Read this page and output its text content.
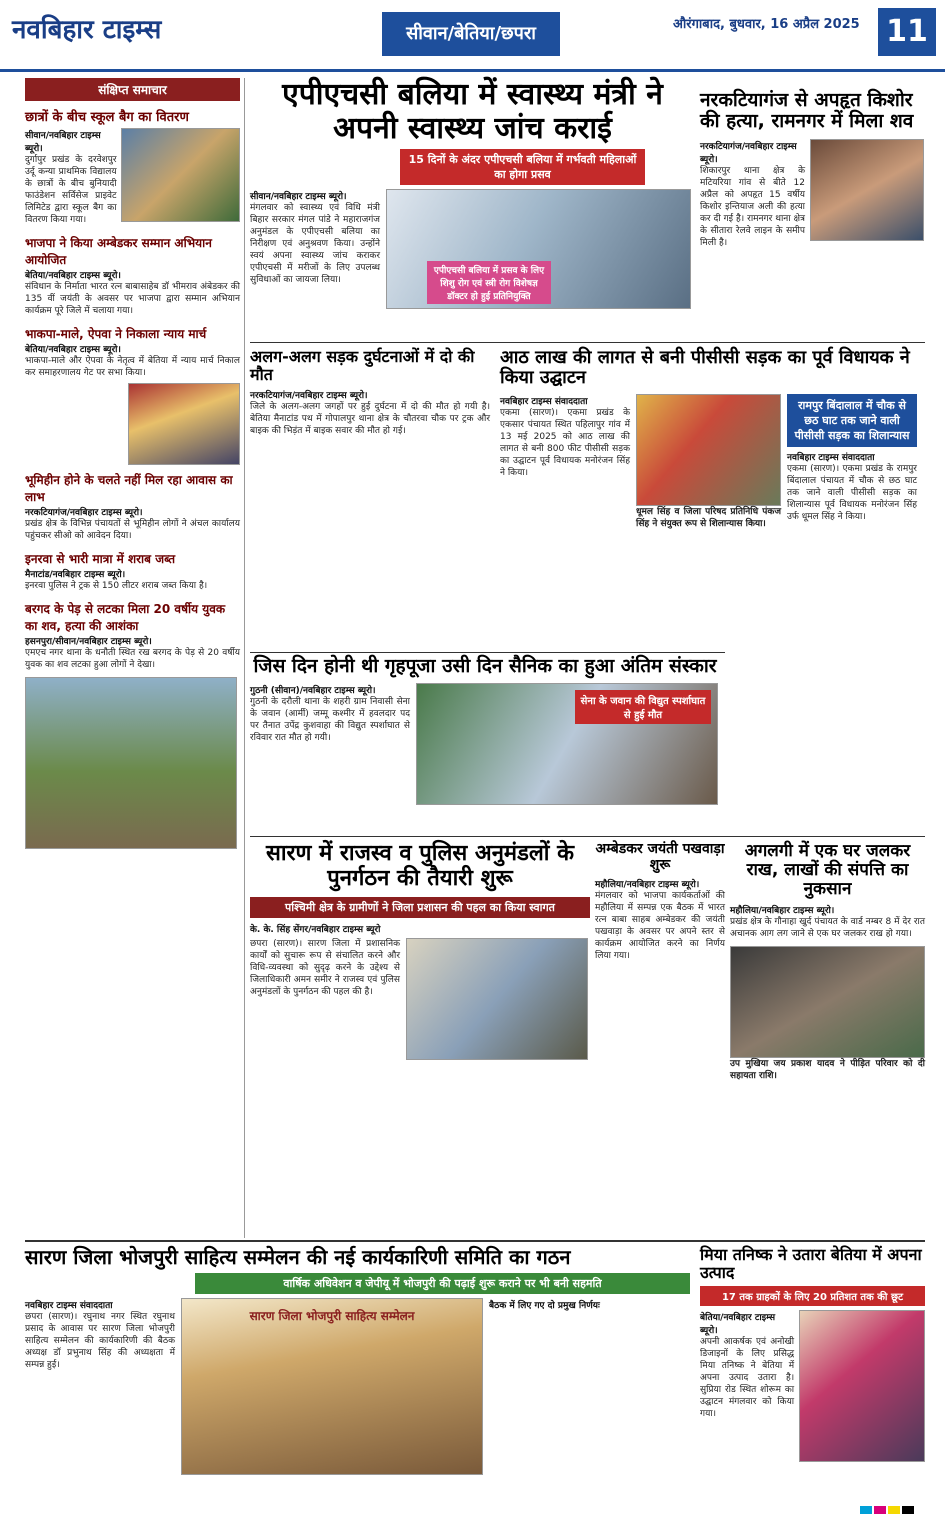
नवबिहार टाइम्स	सीवान/बेतिया/छपरा	औरंगाबाद, बुधवार, 16 अप्रैल 2025 11
संक्षिप्त समाचार
छात्रों के बीच स्कूल बैग का वितरण
सीवान/नवबिहार टाइम्स ब्यूरो।
दुर्गापुर प्रखंड के दरवेशपुर उर्दू कन्या प्राथमिक विद्यालय के छात्रों के बीच बुनियादी फाउंडेशन सर्विसेज प्राइवेट लिमिटेड द्वारा स्कूल बैग का वितरण किया गया।
भाजपा ने किया अम्बेडकर सम्मान अभियान आयोजित
बेतिया/नवबिहार टाइम्स ब्यूरो।
संविधान के निर्माता भारत रत्न बाबासाहेब डॉ भीमराव अंबेडकर की 135 वीं जयंती के अवसर पर भाजपा द्वारा सम्मान अभियान कार्यक्रम पूरे जिले में चलाया गया।
भाकपा-माले, ऐपवा ने निकाला न्याय मार्च
बेतिया/नवबिहार टाइम्स ब्यूरो।
भाकपा-माले और ऐपवा के नेतृत्व में बेतिया में न्याय मार्च निकाल कर समाहरणालय गेट पर सभा किया।
भूमिहीन होने के चलते नहीं मिल रहा आवास का लाभ
नरकटियागंज/नवबिहार टाइम्स ब्यूरो।
प्रखंड क्षेत्र के विभिन्न पंचायतों से भूमिहीन लोगों ने अंचल कार्यालय पहुंचकर सीओ को आवेदन दिया।
इनरवा से भारी मात्रा में शराब जब्त
मैनाटांड/नवबिहार टाइम्स ब्यूरो।
इनरवा पुलिस ने ट्रक से 150 लीटर शराब जब्त किया है।
बरगद के पेड़ से लटका मिला 20 वर्षीय युवक का शव, हत्या की आशंका
हसनपुरा/सीवान/नवबिहार टाइम्स ब्यूरो।
एमएच नगर थाना के धनौती स्थित रख बरगद के पेड़ से 20 वर्षीय युवक का शव लटका हुआ लोगों ने देखा।
एपीएचसी बलिया में स्वास्थ्य मंत्री ने अपनी स्वास्थ्य जांच कराई
15 दिनों के अंदर एपीएचसी बलिया में गर्भवती महिलाओं का होगा प्रसव
सीवान/नवबिहार टाइम्स ब्यूरो।
मंगलवार को स्वास्थ्य एवं विधि मंत्री बिहार सरकार मंगल पांडे ने महाराजगंज अनुमंडल के एपीएचसी बलिया का निरीक्षण एवं अनुश्रवण किया। उन्होंने स्वयं अपना स्वास्थ्य जांच कराकर एपीएचसी में मरीजों के लिए उपलब्ध सुविधाओं का जायजा लिया।
एपीएचसी बलिया में प्रसव के लिए शिशु रोग एवं स्त्री रोग विशेषज्ञ डॉक्टर हो हुई प्रतिनियुक्ति
नरकटियागंज से अपहृत किशोर की हत्या, रामनगर में मिला शव
नरकटियागंज/नवबिहार टाइम्स ब्यूरो।
शिकारपुर थाना क्षेत्र के मटियरिया गांव से बीते 12 अप्रैल को अपहृत 15 वर्षीय किशोर इन्तियाज अली की हत्या कर दी गई है। रामनगर थाना क्षेत्र के सीतारा रेलवे लाइन के समीप मिली है।
अलग-अलग सड़क दुर्घटनाओं में दो की मौत
नरकटियागंज/नवबिहार टाइम्स ब्यूरो।
जिले के अलग-अलग जगहों पर हुई दुर्घटना में दो की मौत हो गयी है। बेतिया मैनाटांड पथ में गोपालपुर थाना क्षेत्र के चौतरवा चौक पर ट्रक और बाइक की भिड़ंत में बाइक सवार की मौत हो गई।
आठ लाख की लागत से बनी पीसीसी सड़क का पूर्व विधायक ने किया उद्घाटन
नवबिहार टाइम्स संवाददाता
एकमा (सारण)। एकमा प्रखंड के एकसार पंचायत स्थित पहिलापुर गांव में 13 मई 2025 को आठ लाख की लागत से बनी 800 फीट पीसीसी सड़क का उद्घाटन पूर्व विधायक मनोरंजन सिंह ने किया।
धूमल सिंह व जिला परिषद प्रतिनिधि पंकज सिंह ने संयुक्त रूप से शिलान्यास किया।
रामपुर बिंदालाल में चौक से छठ घाट तक जाने वाली पीसीसी सड़क का शिलान्यास
नवबिहार टाइम्स संवाददाता
एकमा (सारण)। एकमा प्रखंड के रामपुर बिंदालाल पंचायत में चौक से छठ घाट तक जाने वाली पीसीसी सड़क का शिलान्यास पूर्व विधायक मनोरंजन सिंह उर्फ धूमल सिंह ने किया।
जिस दिन होनी थी गृहपूजा उसी दिन सैनिक का हुआ अंतिम संस्कार
गुठनी (सीवान)/नवबिहार टाइम्स ब्यूरो।
गुठनी के दरौली थाना के शहरी ग्राम निवासी सेना के जवान (आर्मी) जम्मू कश्मीर में हवलदार पद पर तैनात उपेंद्र कुशवाहा की विद्युत स्पर्शाघात से रविवार रात मौत हो गयी।
सेना के जवान की विद्युत स्पर्शाघात से हुई मौत
सारण में राजस्व व पुलिस अनुमंडलों के पुनर्गठन की तैयारी शुरू
पश्चिमी क्षेत्र के ग्रामीणों ने जिला प्रशासन की पहल का किया स्वागत
के. के. सिंह सेंगर/नवबिहार टाइम्स ब्यूरो
छपरा (सारण)। सारण जिला में प्रशासनिक कार्यों को सुचारू रूप से संचालित करने और विधि-व्यवस्था को सुदृढ़ करने के उद्देश्य से जिलाधिकारी अमन समीर ने राजस्व एवं पुलिस अनुमंडलों के पुनर्गठन की पहल की है।
अम्बेडकर जयंती पखवाड़ा शुरू
महौलिया/नवबिहार टाइम्स ब्यूरो।
मंगलवार को भाजपा कार्यकर्ताओं की महौलिया में सम्पन्न एक बैठक में भारत रत्न बाबा साहब अम्बेडकर की जयंती पखवाड़ा के अवसर पर अपने स्तर से कार्यक्रम आयोजित करने का निर्णय लिया गया।
अगलगी में एक घर जलकर राख, लाखों की संपत्ति का नुकसान
महौलिया/नवबिहार टाइम्स ब्यूरो।
प्रखंड क्षेत्र के गौनाहा खुर्द पंचायत के वार्ड नम्बर 8 में देर रात अचानक आग लग जाने से एक घर जलकर राख हो गया।
उप मुखिया जय प्रकाश यादव ने पीड़ित परिवार को दी सहायता राशि।
सारण जिला भोजपुरी साहित्य सम्मेलन की नई कार्यकारिणी समिति का गठन
वार्षिक अधिवेशन व जेपीयू में भोजपुरी की पढ़ाई शुरू कराने पर भी बनी सहमति
नवबिहार टाइम्स संवाददाता
छपरा (सारण)। रघुनाथ नगर स्थित रघुनाथ प्रसाद के आवास पर सारण जिला भोजपुरी साहित्य सम्मेलन की कार्यकारिणी की बैठक अध्यक्ष डॉ प्रभुनाथ सिंह की अध्यक्षता में सम्पन्न हुई।
सारण जिला भोजपुरी साहित्य सम्मेलन
बैठक में लिए गए दो प्रमुख निर्णयः
मिया तनिष्क ने उतारा बेतिया में अपना उत्पाद
17 तक ग्राहकों के लिए 20 प्रतिशत तक की छूट
बेतिया/नवबिहार टाइम्स ब्यूरो।
अपनी आकर्षक एवं अनोखी डिजाइनों के लिए प्रसिद्ध मिया तनिष्क ने बेतिया में अपना उत्पाद उतारा है। सुप्रिया रोड स्थित शोरूम का उद्घाटन मंगलवार को किया गया।
